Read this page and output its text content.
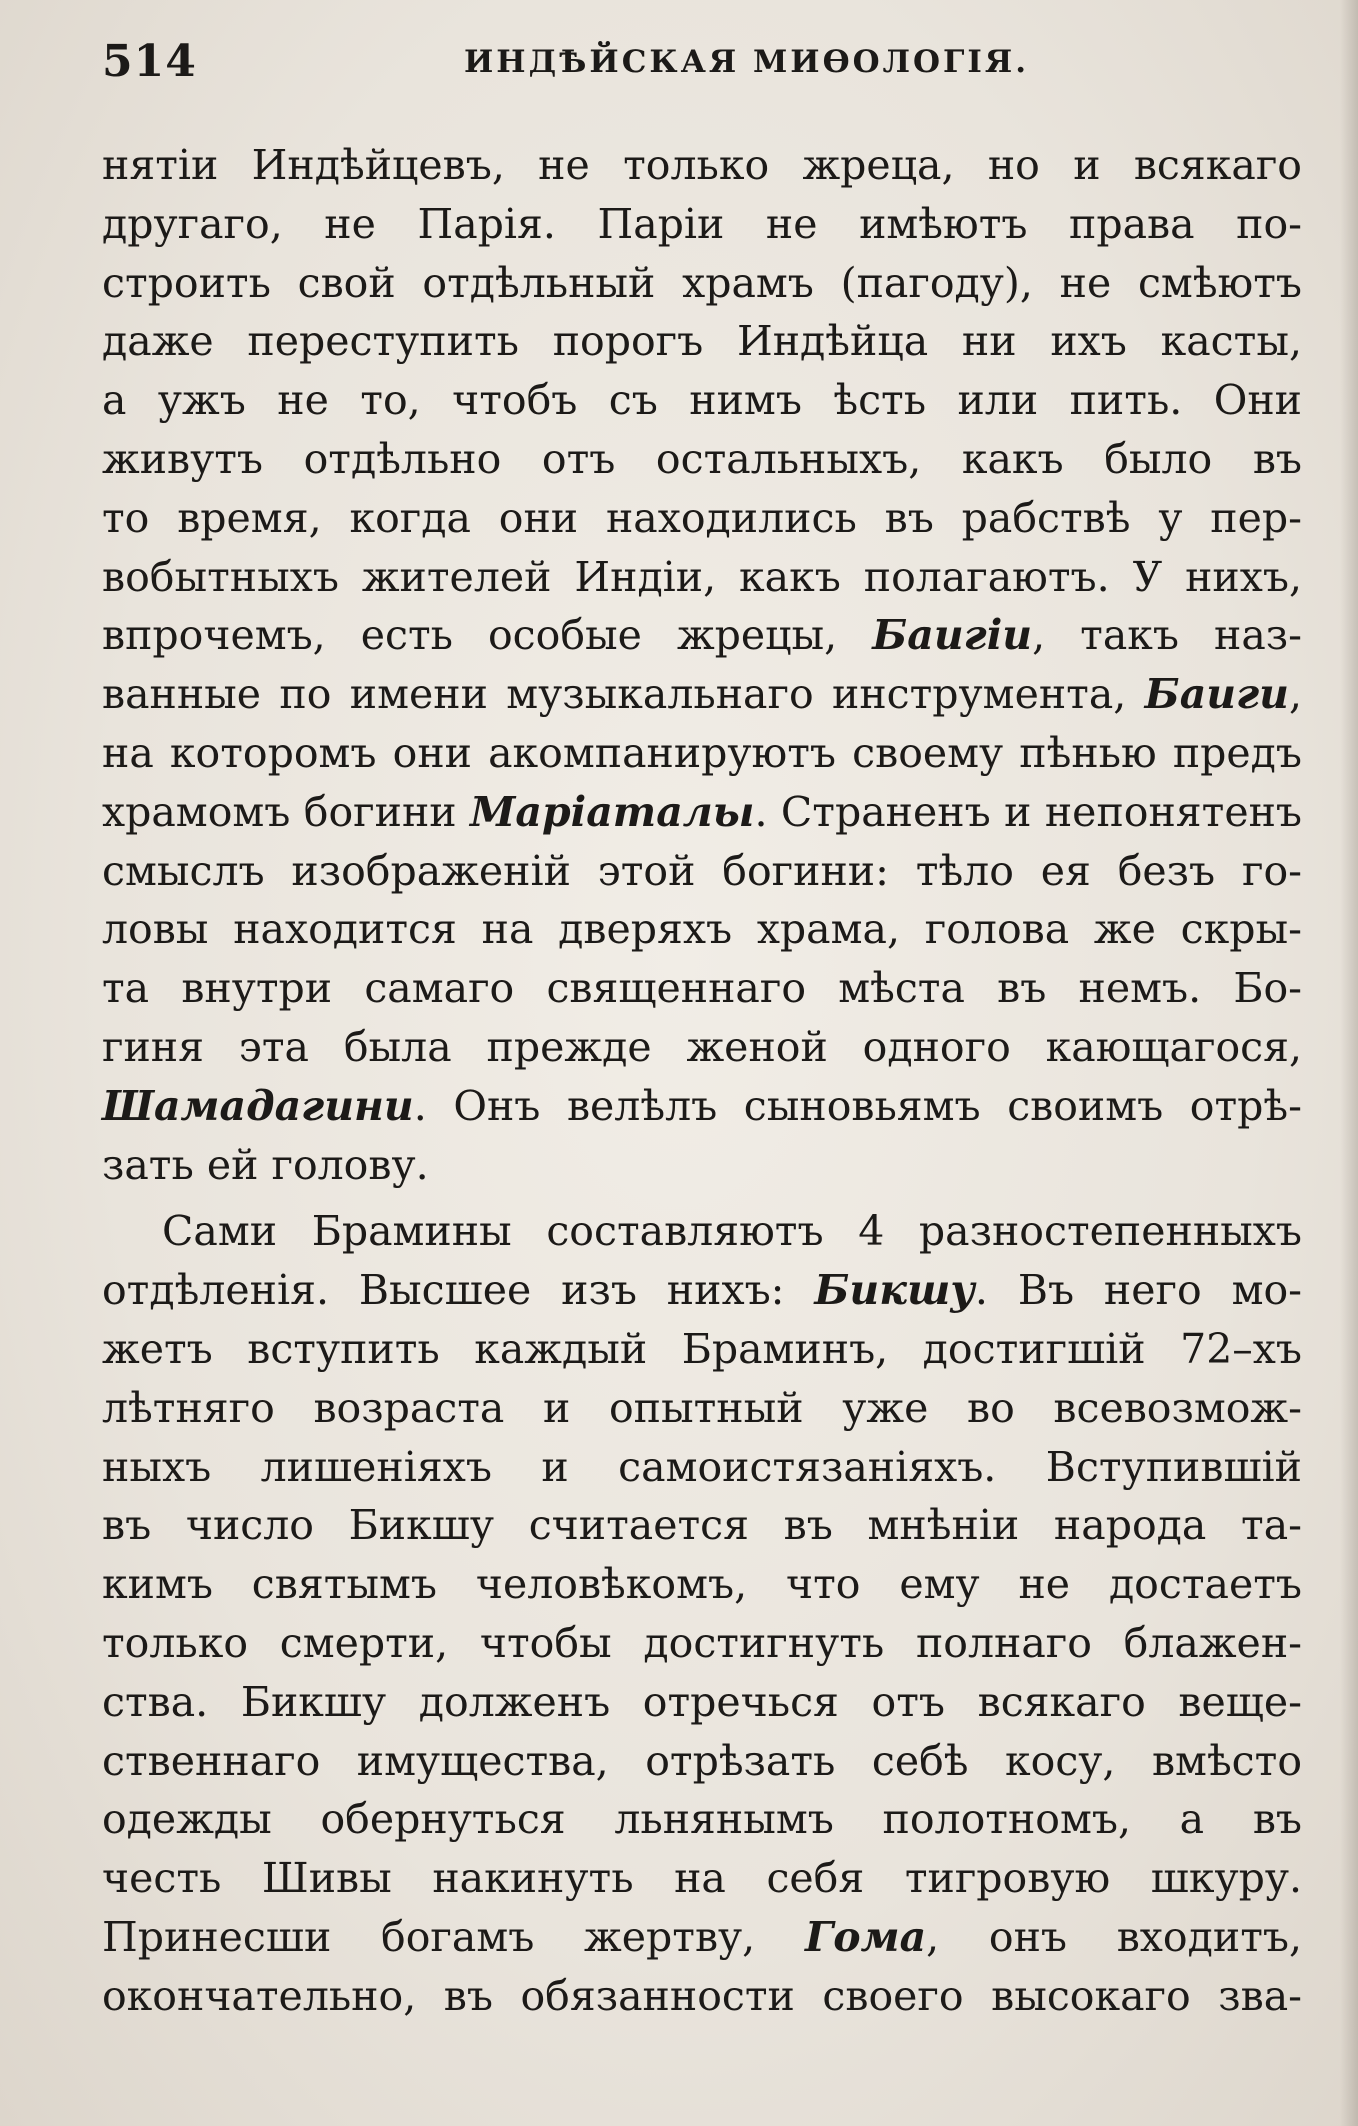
514	ИНДѢЙСКАЯ МИѲОЛОГІЯ.
нятіи Индѣйцевъ, не только жреца, но и всякаго
другаго, не Парія. Паріи не имѣютъ права по-
строить свой отдѣльный храмъ (пагоду), не смѣютъ
даже переступить порогъ Индѣйца ни ихъ касты,
а ужъ не то, чтобъ съ нимъ ѣсть или пить. Они
живутъ отдѣльно отъ остальныхъ, какъ было въ
то время, когда они находились въ рабствѣ у пер-
вобытныхъ жителей Индіи, какъ полагаютъ. У нихъ,
впрочемъ, есть особые жрецы, Баигіи, такъ наз-
ванные по имени музыкальнаго инструмента, Баиги,
на которомъ они акомпанируютъ своему пѣнью предъ
храмомъ богини Маріаталы. Страненъ и непонятенъ
смыслъ изображеній этой богини: тѣло ея безъ го-
ловы находится на дверяхъ храма, голова же скры-
та внутри самаго священнаго мѣста въ немъ. Бо-
гиня эта была прежде женой одного кающагося,
Шамадагини. Онъ велѣлъ сыновьямъ своимъ отрѣ-
зать ей голову.
Сами Брамины составляютъ 4 разностепенныхъ
отдѣленія. Высшее изъ нихъ: Бикшу. Въ него мо-
жетъ вступить каждый Браминъ, достигшій 72–хъ
лѣтняго возраста и опытный уже во всевозмож-
ныхъ лишеніяхъ и самоистязаніяхъ. Вступившій
въ число Бикшу считается въ мнѣніи народа та-
кимъ святымъ человѣкомъ, что ему не достаетъ
только смерти, чтобы достигнуть полнаго блажен-
ства. Бикшу долженъ отречься отъ всякаго веще-
ственнаго имущества, отрѣзать себѣ косу, вмѣсто
одежды обернуться льнянымъ полотномъ, а въ
честь Шивы накинуть на себя тигровую шкуру.
Принесши богамъ жертву, Гома, онъ входитъ,
окончательно, въ обязанности своего высокаго зва-
